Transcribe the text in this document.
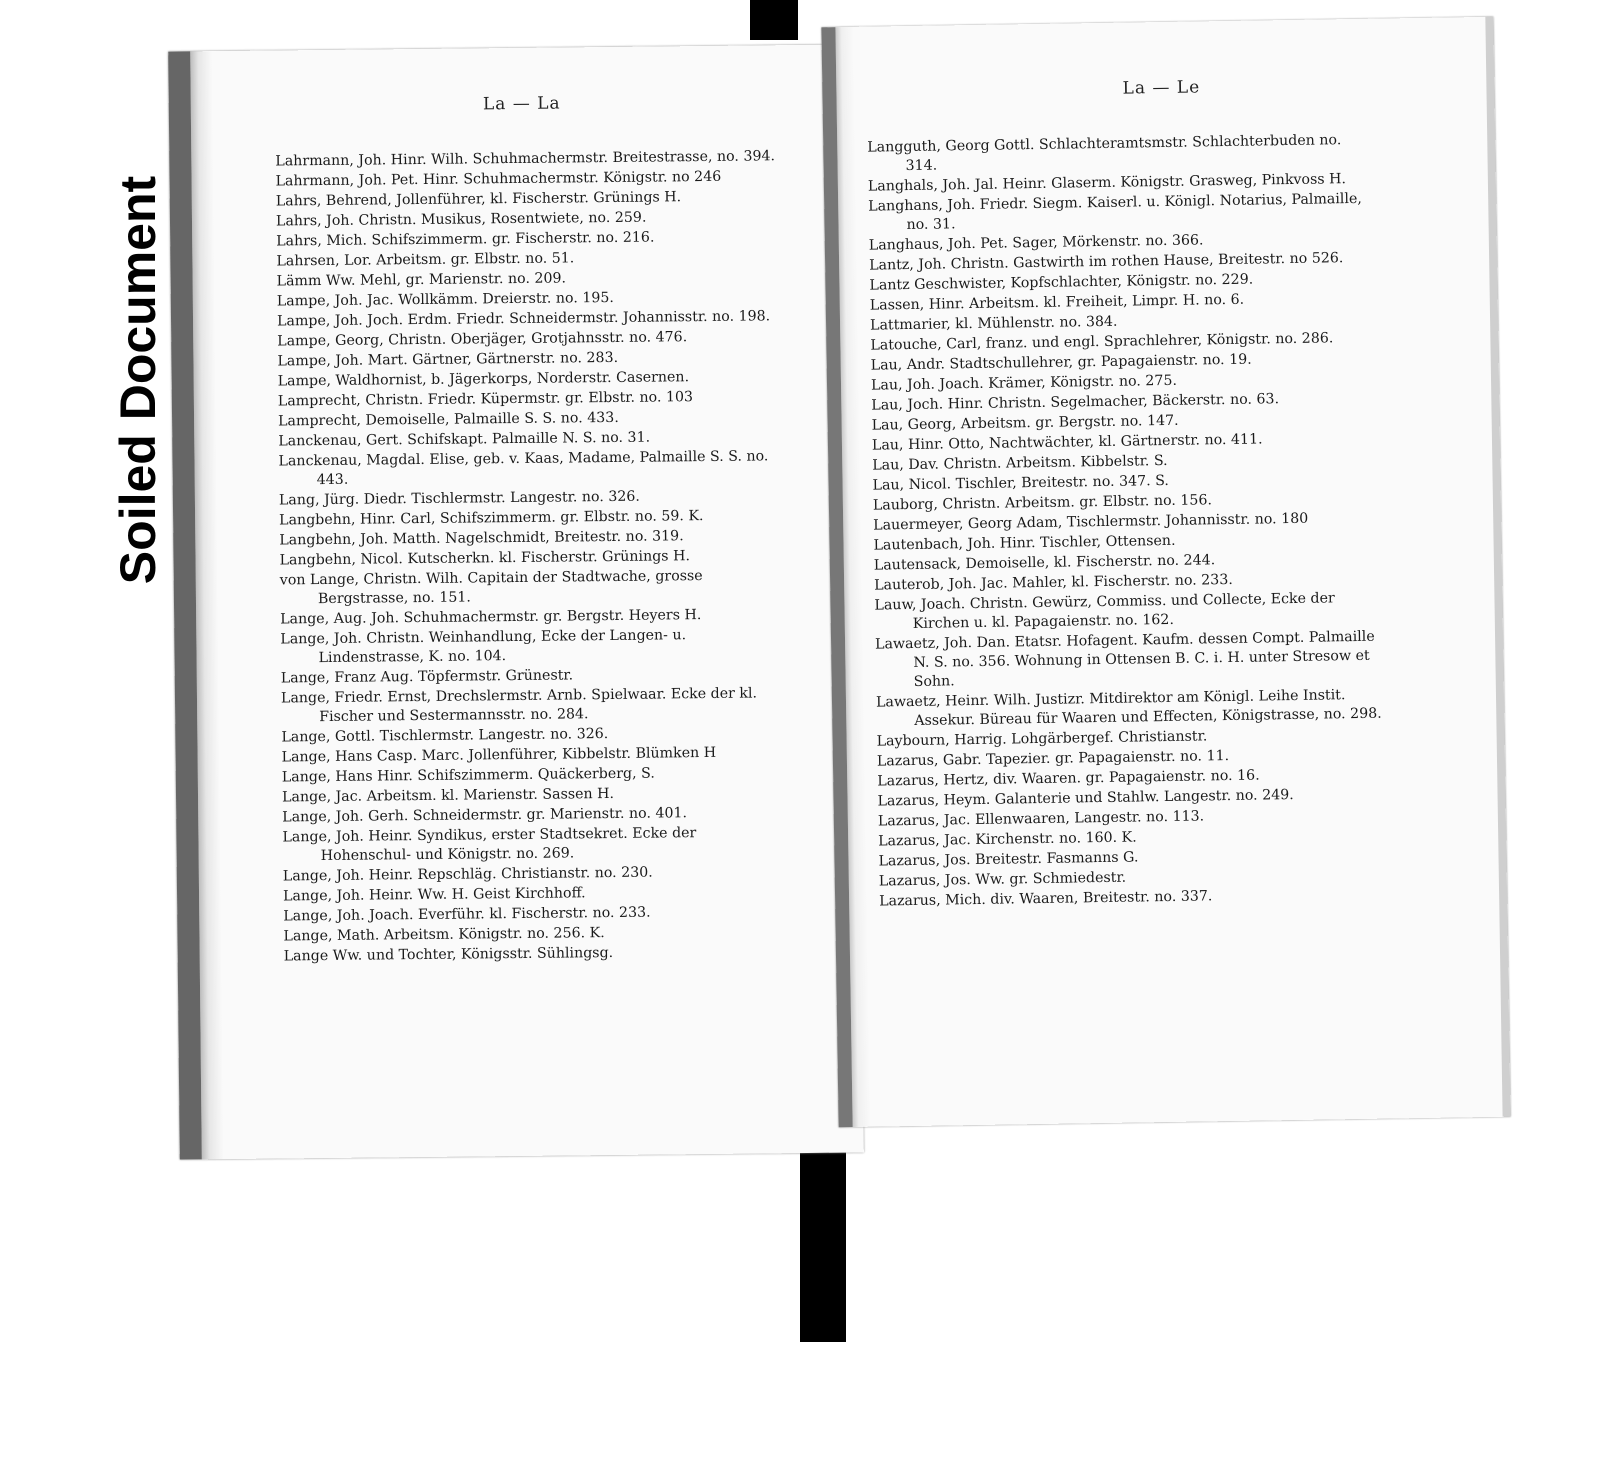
Soiled Document
La — La
Lahrmann, Joh. Hinr. Wilh. Schuhmachermstr. Breitestrasse, no. 394.
Lahrmann, Joh. Pet. Hinr. Schuhmachermstr. Königstr. no 246
Lahrs, Behrend, Jollenführer, kl. Fischerstr. Grünings H.
Lahrs, Joh. Christn. Musikus, Rosentwiete, no. 259.
Lahrs, Mich. Schifszimmerm. gr. Fischerstr. no. 216.
Lahrsen, Lor. Arbeitsm. gr. Elbstr. no. 51.
Lämm Ww. Mehl, gr. Marienstr. no. 209.
Lampe, Joh. Jac. Wollkämm. Dreierstr. no. 195.
Lampe, Joh. Joch. Erdm. Friedr. Schneidermstr. Johannisstr. no. 198.
Lampe, Georg, Christn. Oberjäger, Grotjahnsstr. no. 476.
Lampe, Joh. Mart. Gärtner, Gärtnerstr. no. 283.
Lampe, Waldhornist, b. Jägerkorps, Norderstr. Casernen.
Lamprecht, Christn. Friedr. Küpermstr. gr. Elbstr. no. 103
Lamprecht, Demoiselle, Palmaille S. S. no. 433.
Lanckenau, Gert. Schifskapt. Palmaille N. S. no. 31.
Lanckenau, Magdal. Elise, geb. v. Kaas, Madame, Palmaille S. S. no. 443.
Lang, Jürg. Diedr. Tischlermstr. Langestr. no. 326.
Langbehn, Hinr. Carl, Schifszimmerm. gr. Elbstr. no. 59. K.
Langbehn, Joh. Matth. Nagelschmidt, Breitestr. no. 319.
Langbehn, Nicol. Kutscherkn. kl. Fischerstr. Grünings H.
von Lange, Christn. Wilh. Capitain der Stadtwache, grosse Bergstrasse, no. 151.
Lange, Aug. Joh. Schuhmachermstr. gr. Bergstr. Heyers H.
Lange, Joh. Christn. Weinhandlung, Ecke der Langen- u. Lindenstrasse, K. no. 104.
Lange, Franz Aug. Töpfermstr. Grünestr.
Lange, Friedr. Ernst, Drechslermstr. Arnb. Spielwaar. Ecke der kl. Fischer und Sestermannsstr. no. 284.
Lange, Gottl. Tischlermstr. Langestr. no. 326.
Lange, Hans Casp. Marc. Jollenführer, Kibbelstr. Blümken H
Lange, Hans Hinr. Schifszimmerm. Quäckerberg, S.
Lange, Jac. Arbeitsm. kl. Marienstr. Sassen H.
Lange, Joh. Gerh. Schneidermstr. gr. Marienstr. no. 401.
Lange, Joh. Heinr. Syndikus, erster Stadtsekret. Ecke der Hohenschul- und Königstr. no. 269.
Lange, Joh. Heinr. Repschläg. Christianstr. no. 230.
Lange, Joh. Heinr. Ww. H. Geist Kirchhoff.
Lange, Joh. Joach. Everführ. kl. Fischerstr. no. 233.
Lange, Math. Arbeitsm. Königstr. no. 256. K.
Lange Ww. und Tochter, Königsstr. Sühlingsg.
La — Le
Langguth, Georg Gottl. Schlachteramtsmstr. Schlachterbuden no. 314.
Langhals, Joh. Jal. Heinr. Glaserm. Königstr. Grasweg, Pinkvoss H.
Langhans, Joh. Friedr. Siegm. Kaiserl. u. Königl. Notarius, Palmaille, no. 31.
Langhaus, Joh. Pet. Sager, Mörkenstr. no. 366.
Lantz, Joh. Christn. Gastwirth im rothen Hause, Breitestr. no 526.
Lantz Geschwister, Kopfschlachter, Königstr. no. 229.
Lassen, Hinr. Arbeitsm. kl. Freiheit, Limpr. H. no. 6.
Lattmarier, kl. Mühlenstr. no. 384.
Latouche, Carl, franz. und engl. Sprachlehrer, Königstr. no. 286.
Lau, Andr. Stadtschullehrer, gr. Papagaienstr. no. 19.
Lau, Joh. Joach. Krämer, Königstr. no. 275.
Lau, Joch. Hinr. Christn. Segelmacher, Bäckerstr. no. 63.
Lau, Georg, Arbeitsm. gr. Bergstr. no. 147.
Lau, Hinr. Otto, Nachtwächter, kl. Gärtnerstr. no. 411.
Lau, Dav. Christn. Arbeitsm. Kibbelstr. S.
Lau, Nicol. Tischler, Breitestr. no. 347. S.
Lauborg, Christn. Arbeitsm. gr. Elbstr. no. 156.
Lauermeyer, Georg Adam, Tischlermstr. Johannisstr. no. 180
Lautenbach, Joh. Hinr. Tischler, Ottensen.
Lautensack, Demoiselle, kl. Fischerstr. no. 244.
Lauterob, Joh. Jac. Mahler, kl. Fischerstr. no. 233.
Lauw, Joach. Christn. Gewürz, Commiss. und Collecte, Ecke der Kirchen u. kl. Papagaienstr. no. 162.
Lawaetz, Joh. Dan. Etatsr. Hofagent. Kaufm. dessen Compt. Palmaille N. S. no. 356. Wohnung in Ottensen B. C. i. H. unter Stresow et Sohn.
Lawaetz, Heinr. Wilh. Justizr. Mitdirektor am Königl. Leihe Instit. Assekur. Büreau für Waaren und Effecten, Königstrasse, no. 298.
Laybourn, Harrig. Lohgärbergef. Christianstr.
Lazarus, Gabr. Tapezier. gr. Papagaienstr. no. 11.
Lazarus, Hertz, div. Waaren. gr. Papagaienstr. no. 16.
Lazarus, Heym. Galanterie und Stahlw. Langestr. no. 249.
Lazarus, Jac. Ellenwaaren, Langestr. no. 113.
Lazarus, Jac. Kirchenstr. no. 160. K.
Lazarus, Jos. Breitestr. Fasmanns G.
Lazarus, Jos. Ww. gr. Schmiedestr.
Lazarus, Mich. div. Waaren, Breitestr. no. 337.
